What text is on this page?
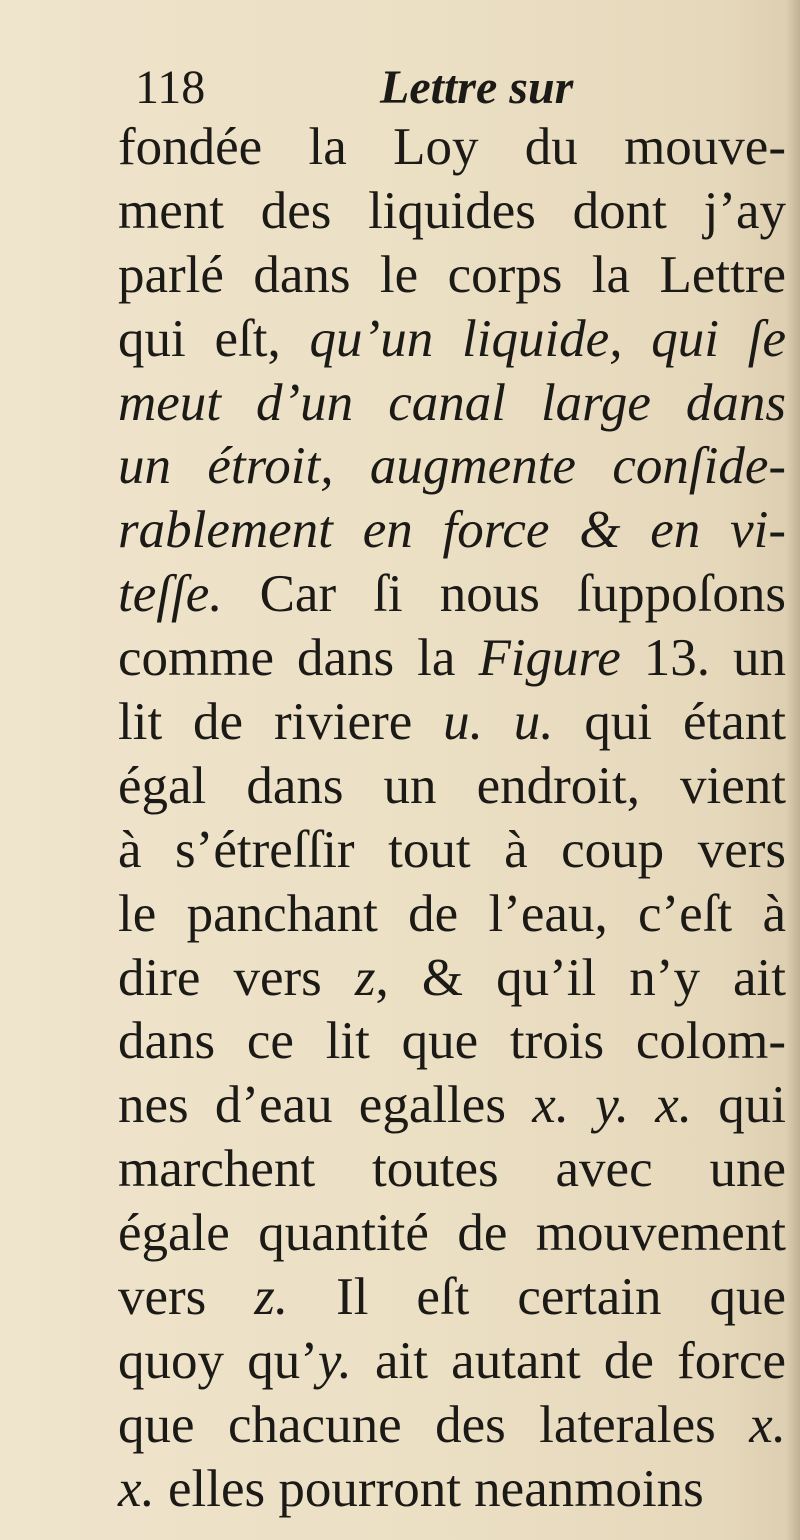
118	Lettre sur
fondée la Loy du mouve-
ment des liquides dont j’ay
parlé dans le corps la Lettre
qui eſt, qu’un liquide, qui ſe
meut d’un canal large dans
un étroit, augmente conſide-
rablement en force & en vi-
teſſe. Car ſi nous ſuppoſons
comme dans la Figure 13. un
lit de riviere u. u. qui étant
égal dans un endroit, vient
à s’étreſſir tout à coup vers
le panchant de l’eau, c’eſt à
dire vers z, & qu’il n’y ait
dans ce lit que trois colom-
nes d’eau egalles x. y. x. qui
marchent toutes avec une
égale quantité de mouvement
vers z. Il eſt certain que
quoy qu’y. ait autant de force
que chacune des laterales x.
x. elles pourront neanmoins
